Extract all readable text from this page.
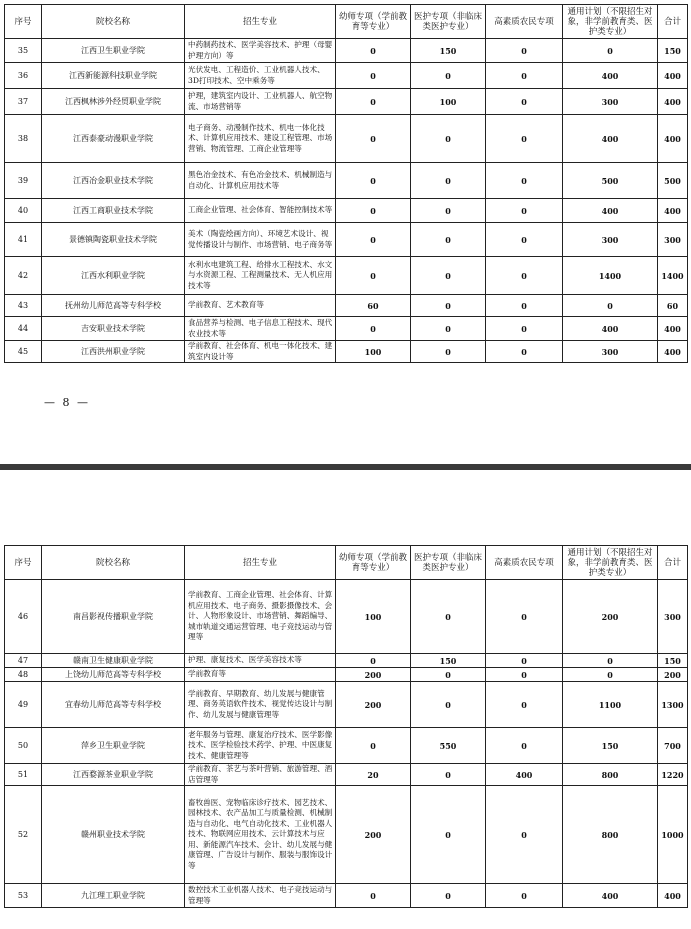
序号	院校名称	招生专业	幼师专项（学前教育等专业）	医护专项（非临床类医护专业）	高素质农民专项	通用计划（不限招生对象，非学前教育类、医护类专业）	合计
35	江西卫生职业学院	中药制药技术、医学美容技术、护理（母婴护理方向）等	0	150	0	0	150
36	江西新能源科技职业学院	光伏发电、工程造价、工业机器人技术、3D打印技术、空中乘务等	0	0	0	400	400
37	江西枫林涉外经贸职业学院	护理，建筑室内设计、工业机器人、航空物流、市场营销等	0	100	0	300	400
38	江西泰豪动漫职业学院	电子商务、动漫制作技术、机电一体化技术、计算机应用技术、建设工程管理、市场营销、物流管理、工商企业管理等	0	0	0	400	400
39	江西冶金职业技术学院	黑色冶金技术、有色冶金技术、机械制造与自动化、计算机应用技术等	0	0	0	500	500
40	江西工商职业技术学院	工商企业管理、社会体育、智能控制技术等	0	0	0	400	400
41	景德镇陶瓷职业技术学院	美术（陶瓷绘画方向）、环境艺术设计、视觉传播设计与制作、市场营销、电子商务等	0	0	0	300	300
42	江西水利职业学院	水利水电建筑工程、给排水工程技术、水文与水资源工程、工程测量技术、无人机应用技术等	0	0	0	1400	1400
43	抚州幼儿师范高等专科学校	学前教育、艺术教育等	60	0	0	0	60
44	吉安职业技术学院	食品营养与检测、电子信息工程技术、现代农业技术等	0	0	0	400	400
45	江西洪州职业学院	学前教育、社会体育、机电一体化技术、建筑室内设计等	100	0	0	300	400
— 8 —
序号	院校名称	招生专业	幼师专项（学前教育等专业）	医护专项（非临床类医护专业）	高素质农民专项	通用计划（不限招生对象，非学前教育类、医护类专业）	合计
46	南昌影视传播职业学院	学前教育、工商企业管理、社会体育、计算机应用技术、电子商务、摄影摄像技术、会计、人物形象设计、市场营销、舞蹈编导、城市轨道交通运营管理、电子竞技运动与管理等	100	0	0	200	300
47	赣南卫生健康职业学院	护理、康复技术、医学美容技术等	0	150	0	0	150
48	上饶幼儿师范高等专科学校	学前教育等	200	0	0	0	200
49	宜春幼儿师范高等专科学校	学前教育、早期教育、幼儿发展与健康管理、商务英语软件技术、视觉传达设计与制作、幼儿发展与健康管理等	200	0	0	1100	1300
50	萍乡卫生职业学院	老年服务与管理、康复治疗技术、医学影像技术、医学检验技术药学、护理、中医康复技术、健康管理等	0	550	0	150	700
51	江西婺源茶业职业学院	学前教育、茶艺与茶叶营销、旅游管理、酒店管理等	20	0	400	800	1220
52	赣州职业技术学院	畜牧兽医、宠物临床诊疗技术、园艺技术、园林技术、农产品加工与质量检测、机械制造与自动化、电气自动化技术、工业机器人技术、物联网应用技术、云计算技术与应用、新能源汽车技术、会计、幼儿发展与健康管理、广告设计与制作、服装与服饰设计等	200	0	0	800	1000
53	九江理工职业学院	数控技术工业机器人技术、电子竞技运动与管理等	0	0	0	400	400
